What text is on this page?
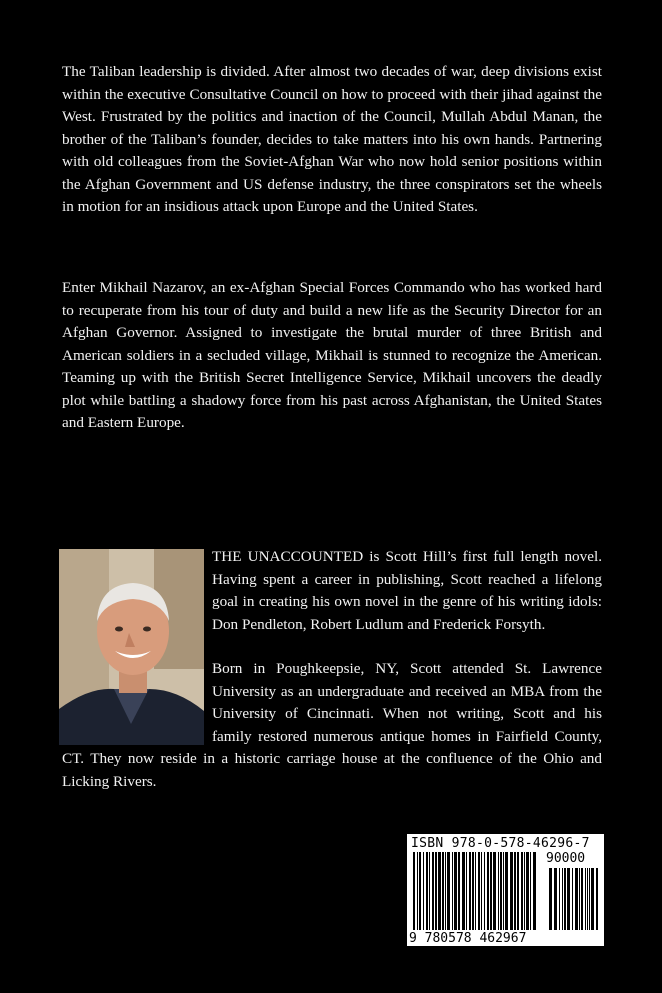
The Taliban leadership is divided. After almost two decades of war, deep divisions exist within the executive Consultative Council on how to proceed with their jihad against the West. Frustrated by the politics and inaction of the Council, Mullah Abdul Manan, the brother of the Taliban’s founder, decides to take matters into his own hands. Partnering with old colleagues from the Soviet-Afghan War who now hold senior positions within the Afghan Government and US defense industry, the three conspirators set the wheels in motion for an insidious attack upon Europe and the United States.

Enter Mikhail Nazarov, an ex-Afghan Special Forces Commando who has worked hard to recuperate from his tour of duty and build a new life as the Security Director for an Afghan Governor. Assigned to investigate the brutal murder of three British and American soldiers in a secluded village, Mikhail is stunned to recognize the American. Teaming up with the British Secret Intelligence Service, Mikhail uncovers the deadly plot while battling a shadowy force from his past across Afghanistan, the United States and Eastern Europe.

THE UNACCOUNTED is Scott Hill’s first full length novel. Having spent a career in publishing, Scott reached a lifelong goal in creating his own novel in the genre of his writing idols: Don Pendleton, Robert Ludlum and Frederick Forsyth.

Born in Poughkeepsie, NY, Scott attended St. Lawrence University as an undergraduate and received an MBA from the University of Cincinnati. When not writing, Scott and his family restored numerous antique homes in Fairfield County, CT. They now reside in a historic carriage house at the confluence of the Ohio and Licking Rivers.

ISBN 978-0-578-46296-7
90000
9 780578 462967
